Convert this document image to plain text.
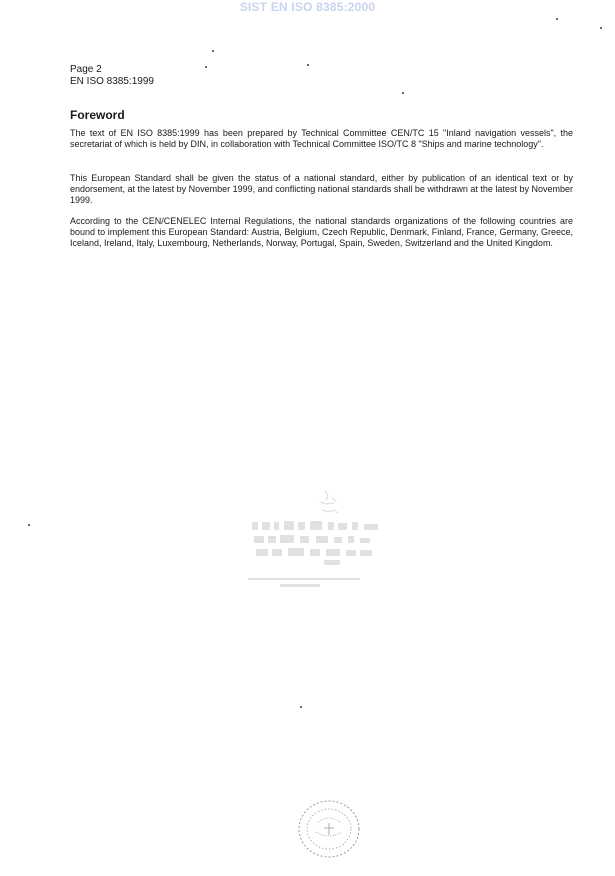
SIST EN ISO 8385:2000
Page 2
EN ISO 8385:1999
Foreword

The text of EN ISO 8385:1999 has been prepared by Technical Committee CEN/TC 15 "Inland navigation vessels", the secretariat of which is held by DIN, in collaboration with Technical Committee ISO/TC 8 "Ships and marine technology".

This European Standard shall be given the status of a national standard, either by publication of an identical text or by endorsement, at the latest by November 1999, and conflicting national standards shall be withdrawn at the latest by November 1999.

According to the CEN/CENELEC Internal Regulations, the national standards organizations of the following countries are bound to implement this European Standard: Austria, Belgium, Czech Republic, Denmark, Finland, France, Germany, Greece, Iceland, Ireland, Italy, Luxembourg, Netherlands, Norway, Portugal, Spain, Sweden, Switzerland and the United Kingdom.
